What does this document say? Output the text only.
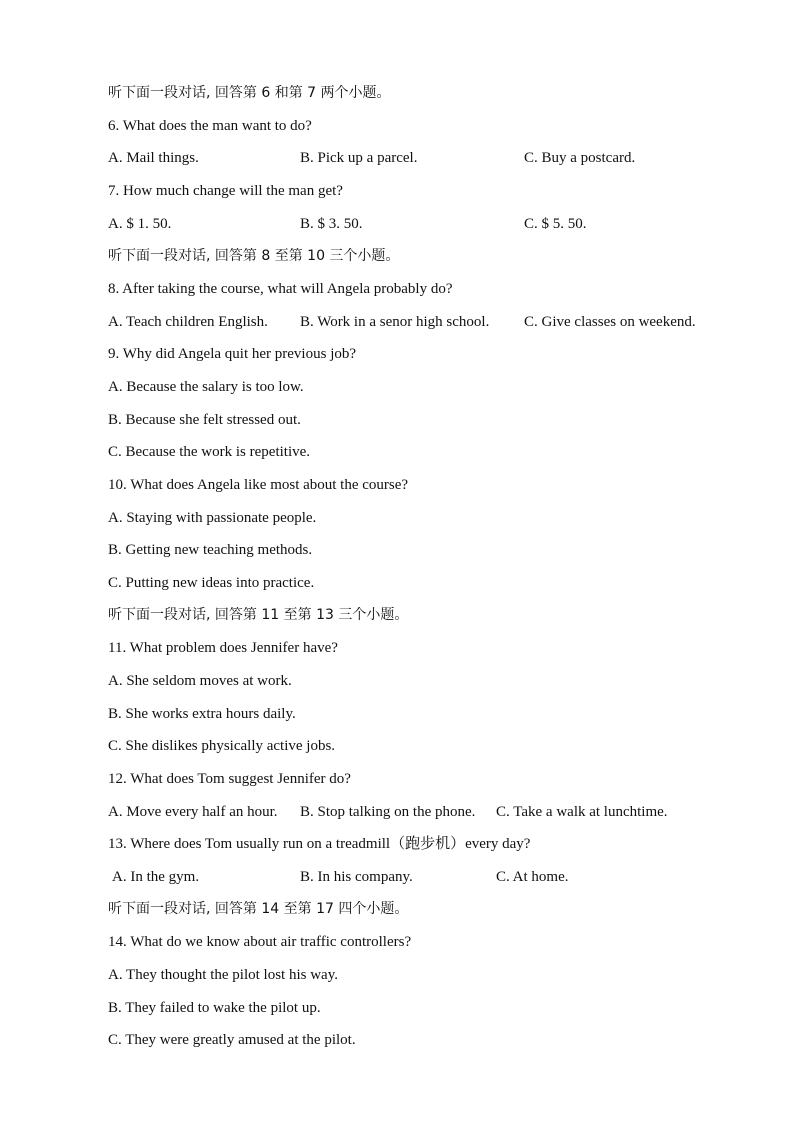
听下面一段对话, 回答第 6 和第 7 两个小题。
6. What does the man want to do?
A. Mail things.	B. Pick up a parcel.	C. Buy a postcard.
7. How much change will the man get?
A. $ 1. 50.	B. $ 3. 50.	C. $ 5. 50.
听下面一段对话, 回答第 8 至第 10 三个小题。
8. After taking the course, what will Angela probably do?
A. Teach children English. B. Work in a senor high school. C. Give classes on weekend.
9. Why did Angela quit her previous job?
A. Because the salary is too low.
B. Because she felt stressed out.
C. Because the work is repetitive.
10. What does Angela like most about the course?
A. Staying with passionate people.
B. Getting new teaching methods.
C. Putting new ideas into practice.
听下面一段对话, 回答第 11 至第 13 三个小题。
11. What problem does Jennifer have?
A. She seldom moves at work.
B. She works extra hours daily.
C. She dislikes physically active jobs.
12. What does Tom suggest Jennifer do?
A. Move every half an hour. B. Stop talking on the phone. C. Take a walk at lunchtime.
13. Where does Tom usually run on a treadmill（跑步机）every day?
A. In the gym.	B. In his company.	C. At home.
听下面一段对话, 回答第 14 至第 17 四个小题。
14. What do we know about air traffic controllers?
A. They thought the pilot lost his way.
B. They failed to wake the pilot up.
C. They were greatly amused at the pilot.
